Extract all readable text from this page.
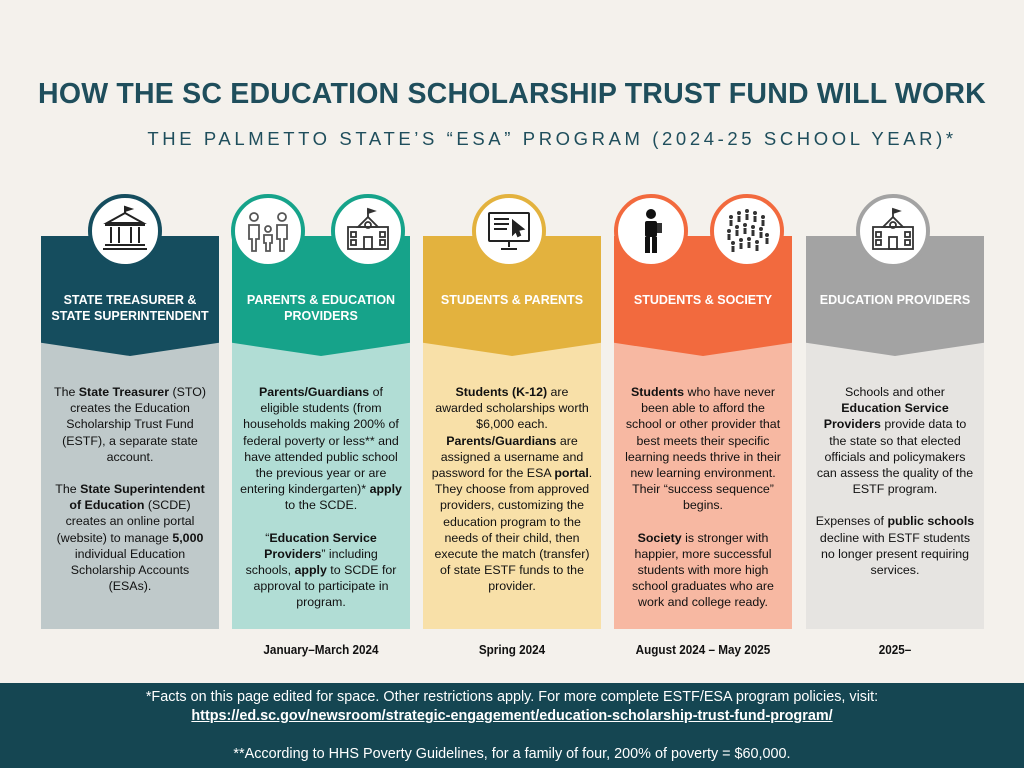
HOW THE SC EDUCATION SCHOLARSHIP TRUST FUND WILL WORK
THE PALMETTO STATE’S “ESA” PROGRAM (2024-25 SCHOOL YEAR)*
STATE TREASURER & STATE SUPERINTENDENT

The State Treasurer (STO) creates the Education Scholarship Trust Fund (ESTF), a separate state account.

The State Superintendent of Education (SCDE) creates an online portal (website) to manage 5,000 individual Education Scholarship Accounts (ESAs).

PARENTS & EDUCATION PROVIDERS

Parents/Guardians of eligible students (from households making 200% of federal poverty or less** and have attended public school the previous year or are entering kindergarten)* apply to the SCDE.

“Education Service Providers” including schools, apply to SCDE for approval to participate in program.

STUDENTS & PARENTS

Students (K-12) are awarded scholarships worth $6,000 each. Parents/Guardians are assigned a username and password for the ESA portal. They choose from approved providers, customizing the education program to the needs of their child, then execute the match (transfer) of state ESTF funds to the provider.

STUDENTS & SOCIETY

Students who have never been able to afford the school or other provider that best meets their specific learning needs thrive in their new learning environment. Their “success sequence” begins.

Society is stronger with happier, more successful students with more high school graduates who are work and college ready.

EDUCATION PROVIDERS

Schools and other Education Service Providers provide data to the state so that elected officials and policymakers can assess the quality of the ESTF program.

Expenses of public schools decline with ESTF students no longer present requiring services.

January–March 2024	Spring 2024	August 2024 – May 2025	2025–
*Facts on this page edited for space. Other restrictions apply. For more complete ESTF/ESA program policies, visit:
https://ed.sc.gov/newsroom/strategic-engagement/education-scholarship-trust-fund-program/
**According to HHS Poverty Guidelines, for a family of four, 200% of poverty = $60,000.
